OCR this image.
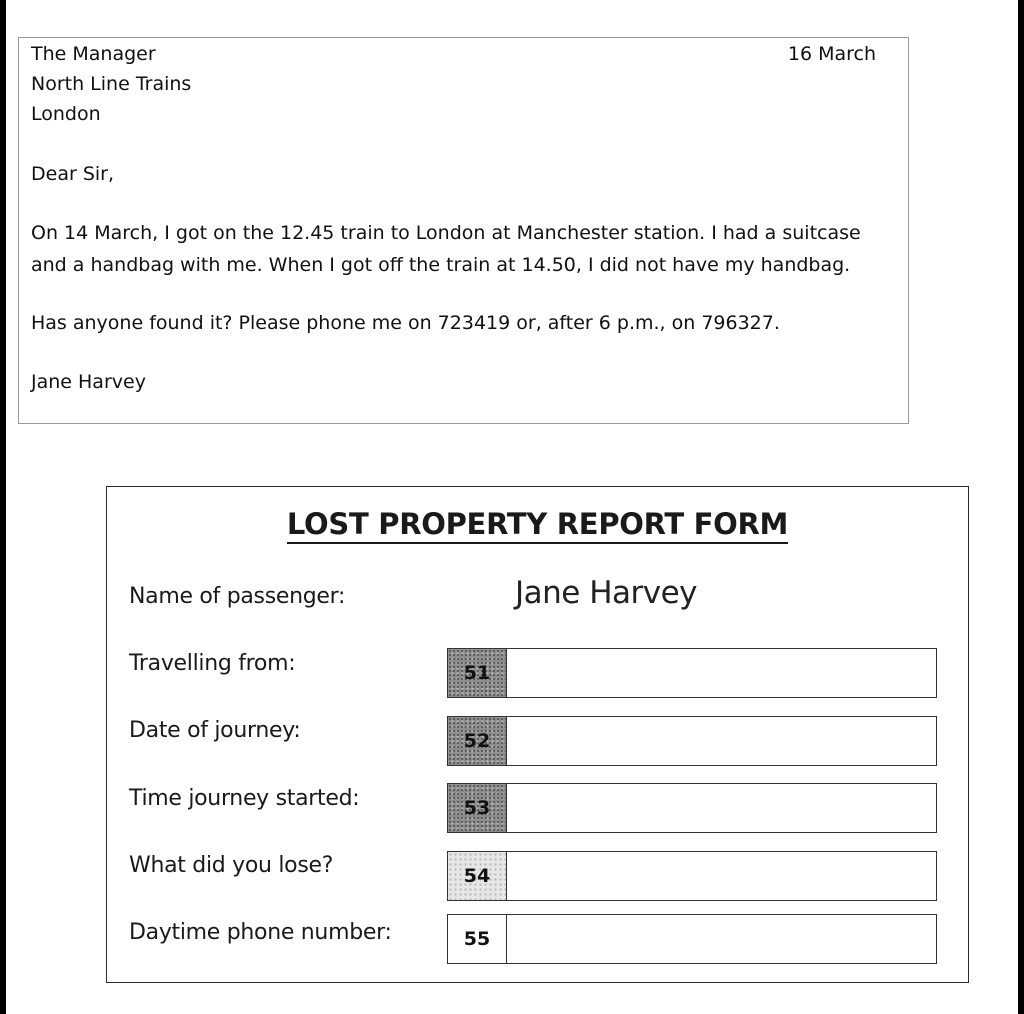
The Manager
North Line Trains
London
16 March
Dear Sir,
On 14 March, I got on the 12.45 train to London at Manchester station. I had a suitcase
and a handbag with me. When I got off the train at 14.50, I did not have my handbag.
Has anyone found it? Please phone me on 723419 or, after 6 p.m., on 796327.
Jane Harvey
LOST PROPERTY REPORT FORM
Name of passenger:	Jane Harvey
Travelling from:	51
Date of journey:	52
Time journey started:	53
What did you lose?	54
Daytime phone number:	55
